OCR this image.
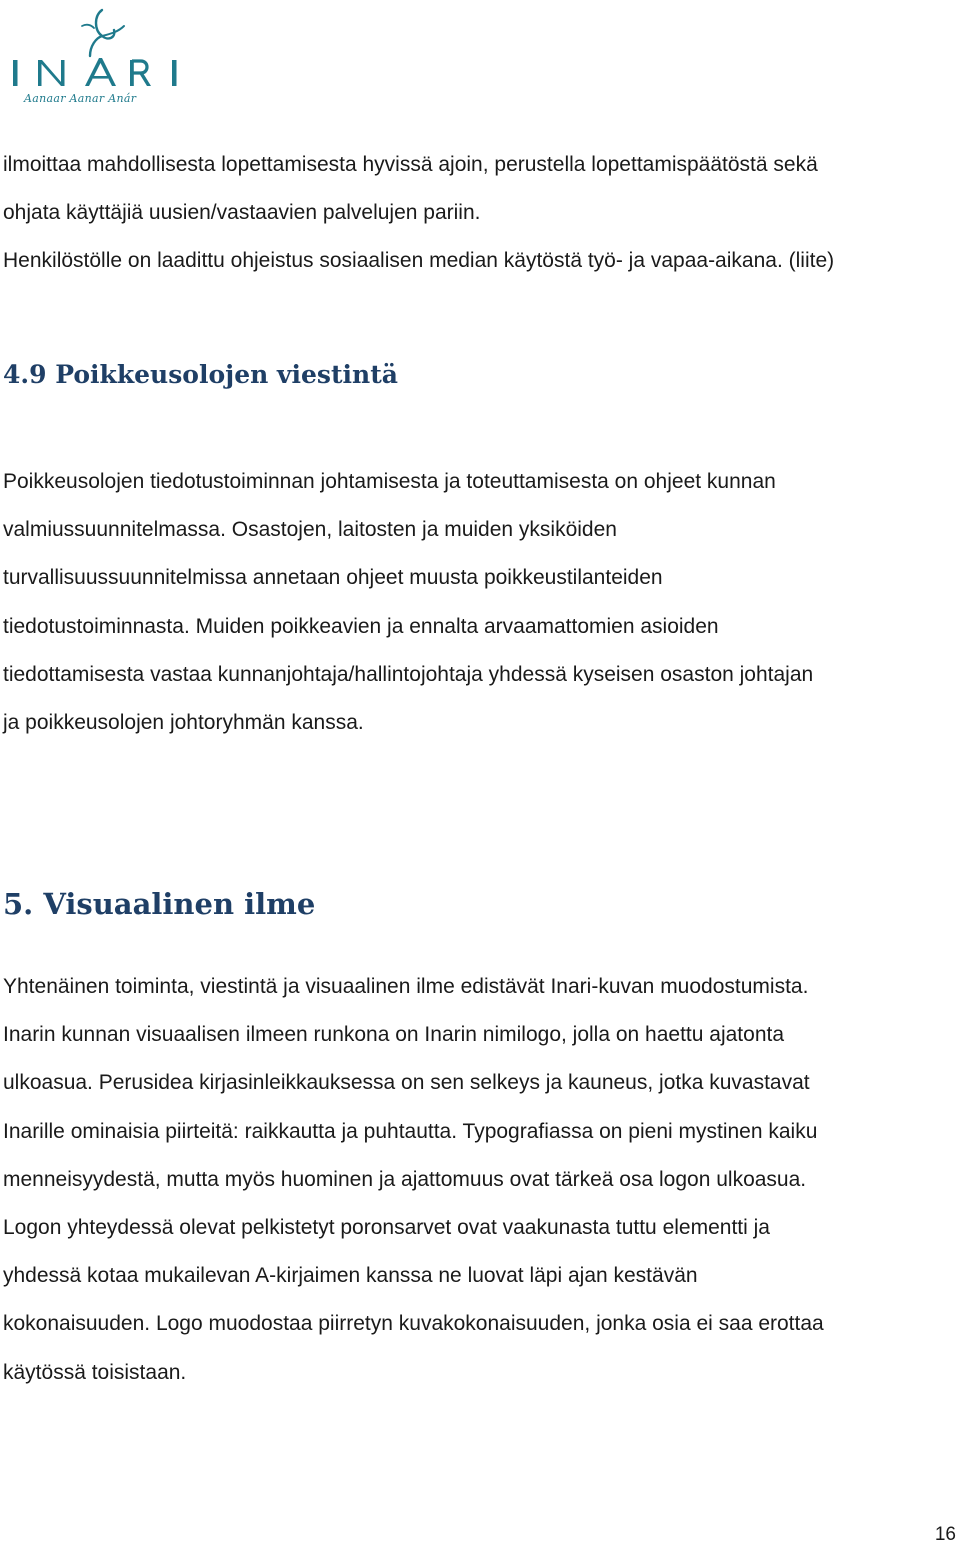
Aanaar Aanar Anár
ilmoittaa mahdollisesta lopettamisesta hyvissä ajoin, perustella lopettamispäätöstä sekä
ohjata käyttäjiä uusien/vastaavien palvelujen pariin.
Henkilöstölle on laadittu ohjeistus sosiaalisen median käytöstä työ- ja vapaa-aikana. (liite)
4.9 Poikkeusolojen viestintä
Poikkeusolojen tiedotustoiminnan johtamisesta ja toteuttamisesta on ohjeet kunnan
valmiussuunnitelmassa. Osastojen, laitosten ja muiden yksiköiden
turvallisuussuunnitelmissa annetaan ohjeet muusta poikkeustilanteiden
tiedotustoiminnasta. Muiden poikkeavien ja ennalta arvaamattomien asioiden
tiedottamisesta vastaa kunnanjohtaja/hallintojohtaja yhdessä kyseisen osaston johtajan
ja poikkeusolojen johtoryhmän kanssa.
5. Visuaalinen ilme
Yhtenäinen toiminta, viestintä ja visuaalinen ilme edistävät Inari-kuvan muodostumista.
Inarin kunnan visuaalisen ilmeen runkona on Inarin nimilogo, jolla on haettu ajatonta
ulkoasua. Perusidea kirjasinleikkauksessa on sen selkeys ja kauneus, jotka kuvastavat
Inarille ominaisia piirteitä: raikkautta ja puhtautta. Typografiassa on pieni mystinen kaiku
menneisyydestä, mutta myös huominen ja ajattomuus ovat tärkeä osa logon ulkoasua.
Logon yhteydessä olevat pelkistetyt poronsarvet ovat vaakunasta tuttu elementti ja
yhdessä kotaa mukailevan A-kirjaimen kanssa ne luovat läpi ajan kestävän
kokonaisuuden. Logo muodostaa piirretyn kuvakokonaisuuden, jonka osia ei saa erottaa
käytössä toisistaan.
16
